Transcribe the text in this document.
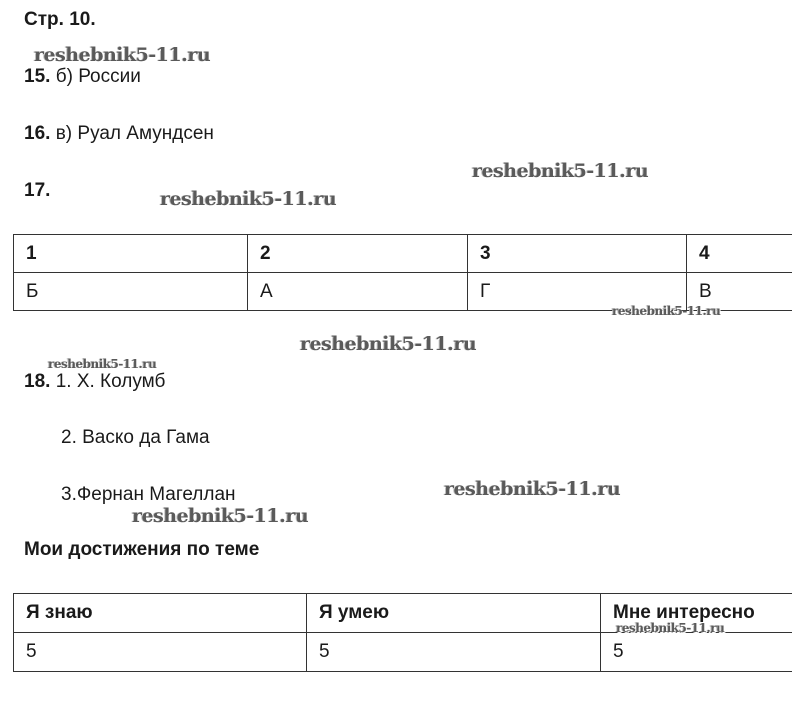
Стр. 10.
reshebnik5-11.ru
15. б) России
16. в) Руал Амундсен
reshebnik5-11.ru
17.	reshebnik5-11.ru
1	2	3	4
Б	А	Г	В
reshebnik5-11.ru
reshebnik5-11.ru
reshebnik5-11.ru
18. 1. Х. Колумб
2. Васко да Гама
reshebnik5-11.ru
3.Фернан Магеллан
reshebnik5-11.ru
Мои достижения по теме
Я знаю	Я умею	Мне интересно
5	5	5
reshebnik5-11.ru
